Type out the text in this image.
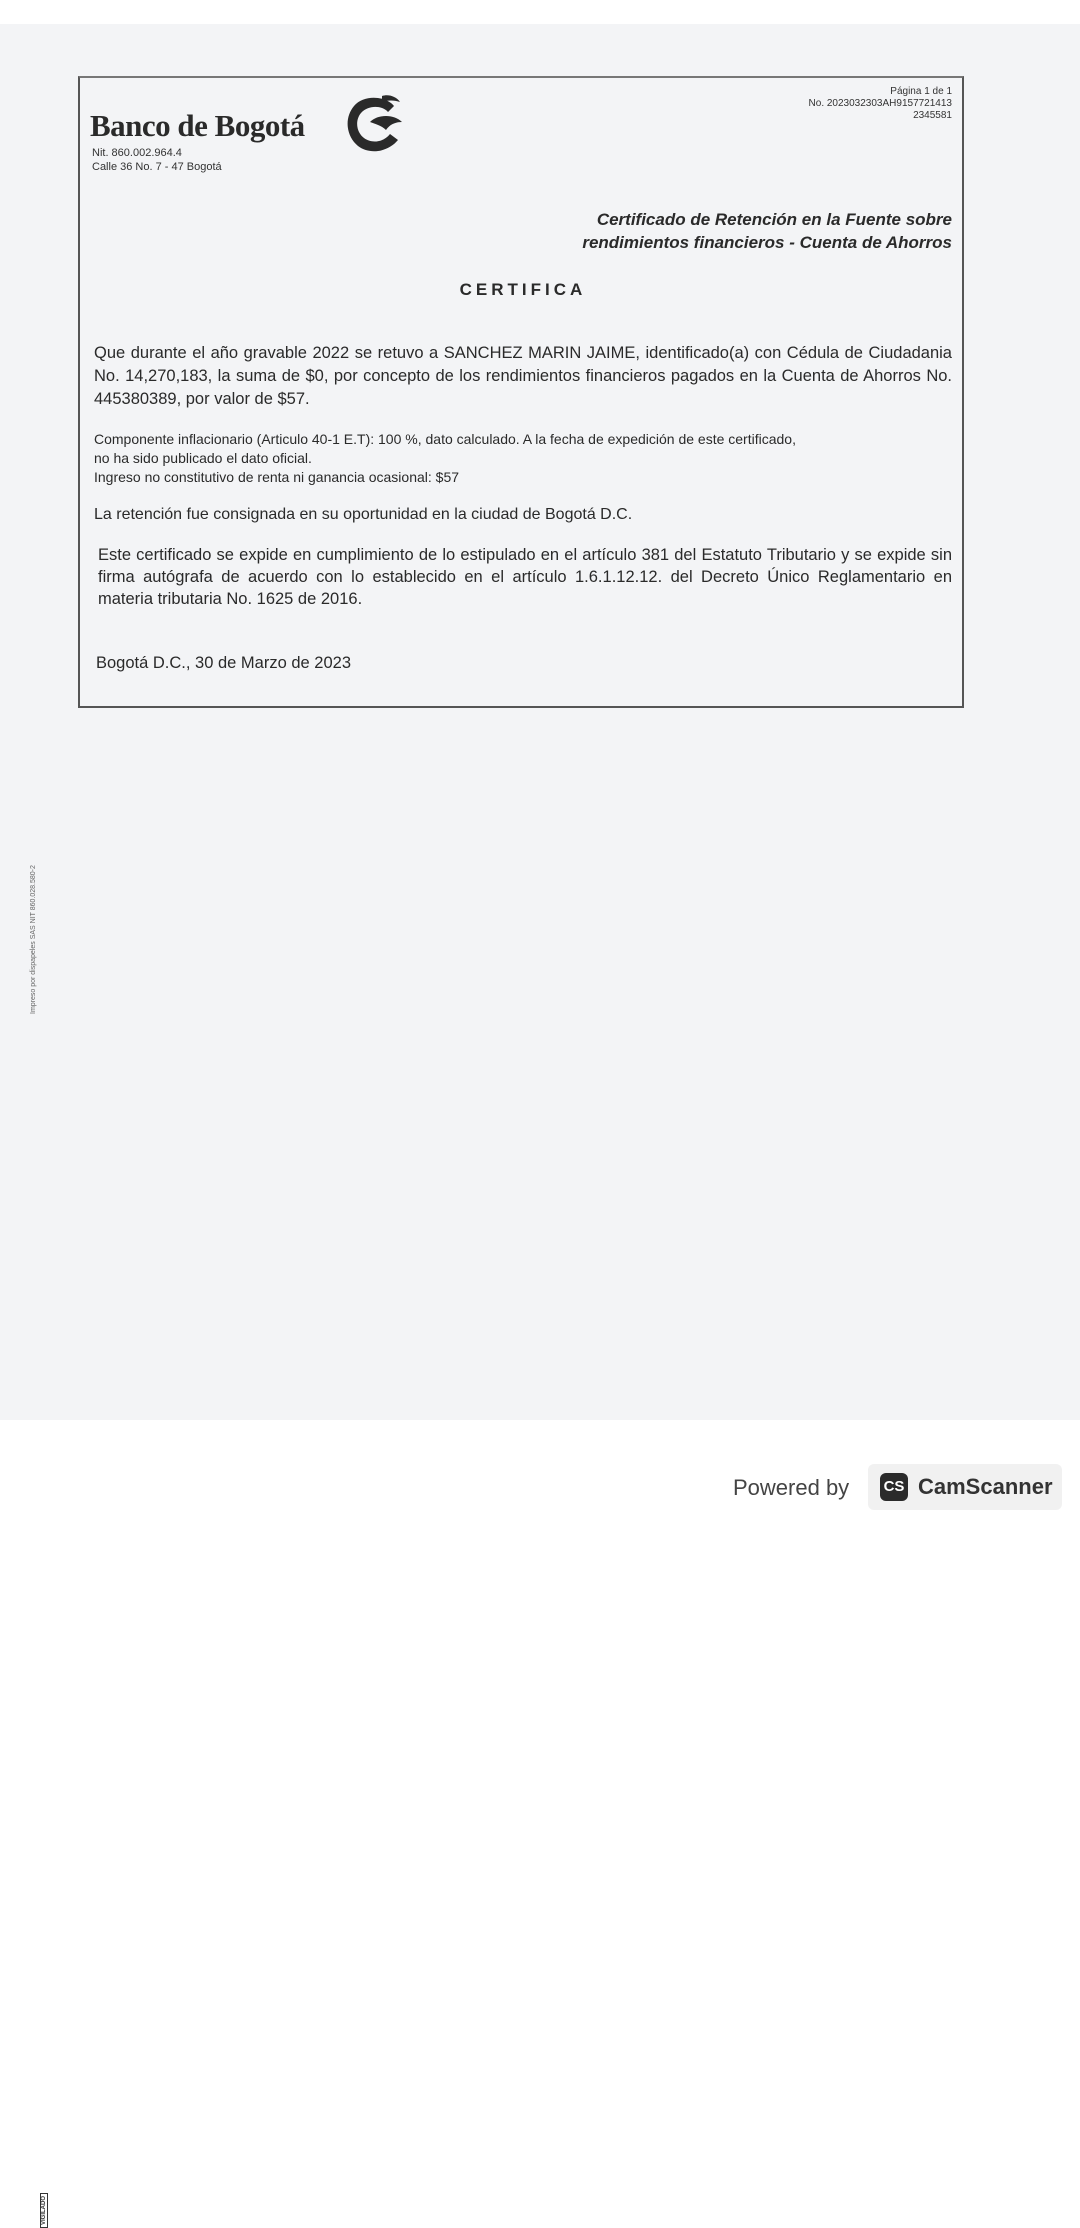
Página 1 de 1
No. 2023032303AH9157721413
2345581
Banco de Bogotá
Nit. 860.002.964.4
Calle 36 No. 7 - 47 Bogotá
Certificado de Retención en la Fuente sobre
rendimientos financieros - Cuenta de Ahorros
CERTIFICA
Que durante el año gravable 2022 se retuvo a SANCHEZ MARIN JAIME, identificado(a) con Cédula de Ciudadania No. 14,270,183, la suma de $0, por concepto de los rendimientos financieros pagados en la Cuenta de Ahorros No. 445380389, por valor de $57.
Componente inflacionario (Articulo 40-1 E.T): 100 %, dato calculado. A la fecha de expedición de este certificado,
no ha sido publicado el dato oficial.
Ingreso no constitutivo de renta ni ganancia ocasional: $57
La retención fue consignada en su oportunidad en la ciudad de Bogotá D.C.
Este certificado se expide en cumplimiento de lo estipulado en el artículo 381 del Estatuto Tributario y se expide sin firma autógrafa de acuerdo con lo establecido en el artículo 1.6.1.12.12. del Decreto Único Reglamentario en materia tributaria No. 1625 de 2016.
Bogotá D.C., 30 de Marzo de 2023
Impreso por dispapeles SAS NIT 860.028.580-2
VIGILADO
Powered by CS CamScanner
